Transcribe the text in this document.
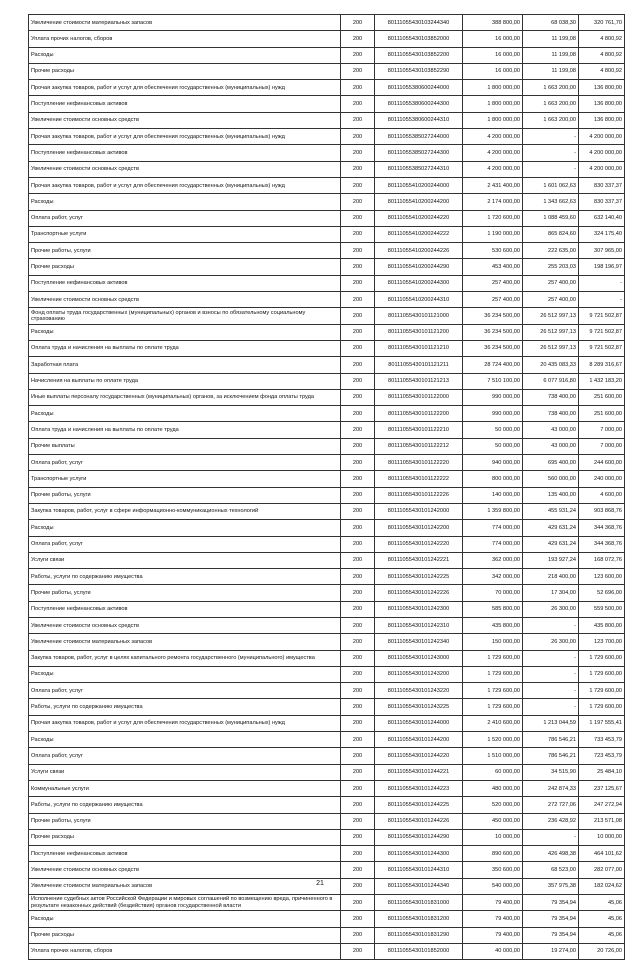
Увеличение стоимости материальных запасов	200	80111055430103244340	388 800,00	68 038,30	320 761,70
Уплата прочих налогов, сборов	200	80111055430103852000	16 000,00	11 199,08	4 800,92
Расходы	200	80111055430103852200	16 000,00	11 199,08	4 800,92
Прочие расходы	200	80111055430103852290	16 000,00	11 199,08	4 800,92
Прочая закупка товаров, работ и услуг для обеспечения государственных (муниципальных) нужд	200	80111055380600244000	1 800 000,00	1 663 200,00	136 800,00
Поступление нефинансовых активов	200	80111055380600244300	1 800 000,00	1 663 200,00	136 800,00
Увеличение стоимости основных средств	200	80111055380600244310	1 800 000,00	1 663 200,00	136 800,00
Прочая закупка товаров, работ и услуг для обеспечения государственных (муниципальных) нужд	200	80111055385027244000	4 200 000,00	-	4 200 000,00
Поступление нефинансовых активов	200	80111055385027244300	4 200 000,00	-	4 200 000,00
Увеличение стоимости основных средств	200	80111055385027244310	4 200 000,00	-	4 200 000,00
Прочая закупка товаров, работ и услуг для обеспечения государственных (муниципальных) нужд	200	80111055410200244000	2 431 400,00	1 601 062,63	830 337,37
Расходы	200	80111055410200244200	2 174 000,00	1 343 662,63	830 337,37
Оплата работ, услуг	200	80111055410200244220	1 720 600,00	1 088 459,60	632 140,40
Транспортные услуги	200	80111055410200244222	1 190 000,00	865 824,60	324 175,40
Прочие работы, услуги	200	80111055410200244226	530 600,00	222 635,00	307 965,00
Прочие расходы	200	80111055410200244290	453 400,00	255 203,03	198 196,97
Поступление нефинансовых активов	200	80111055410200244300	257 400,00	257 400,00	-
Увеличение стоимости основных средств	200	80111055410200244310	257 400,00	257 400,00	-
Фонд оплаты труда государственных (муниципальных) органов и взносы по обязательному социальному страхованию	200	80111055430101121000	36 234 500,00	26 512 997,13	9 721 502,87
Расходы	200	80111055430101121200	36 234 500,00	26 512 997,13	9 721 502,87
Оплата труда и начисления на выплаты по оплате труда	200	80111055430101121210	36 234 500,00	26 512 997,13	9 721 502,87
Заработная плата	200	80111055430101121211	28 724 400,00	20 435 083,33	8 289 316,67
Начисления на выплаты по оплате труда	200	80111055430101121213	7 510 100,00	6 077 916,80	1 432 183,20
Иные выплаты персоналу государственных (муниципальных) органов, за исключением фонда оплаты труда	200	80111055430101122000	990 000,00	738 400,00	251 600,00
Расходы	200	80111055430101122200	990 000,00	738 400,00	251 600,00
Оплата труда и начисления на выплаты по оплате труда	200	80111055430101122210	50 000,00	43 000,00	7 000,00
Прочие выплаты	200	80111055430101122212	50 000,00	43 000,00	7 000,00
Оплата работ, услуг	200	80111055430101122220	940 000,00	695 400,00	244 600,00
Транспортные услуги	200	80111055430101122222	800 000,00	560 000,00	240 000,00
Прочие работы, услуги	200	80111055430101122226	140 000,00	135 400,00	4 600,00
Закупка товаров, работ, услуг в сфере информационно-коммуникационных технологий	200	80111055430101242000	1 359 800,00	455 931,24	903 868,76
Расходы	200	80111055430101242200	774 000,00	429 631,24	344 368,76
Оплата работ, услуг	200	80111055430101242220	774 000,00	429 631,24	344 368,76
Услуги связи	200	80111055430101242221	362 000,00	193 927,24	168 072,76
Работы, услуги по содержанию имущества	200	80111055430101242225	342 000,00	218 400,00	123 600,00
Прочие работы, услуги	200	80111055430101242226	70 000,00	17 304,00	52 696,00
Поступление нефинансовых активов	200	80111055430101242300	585 800,00	26 300,00	559 500,00
Увеличение стоимости основных средств	200	80111055430101242310	435 800,00	-	435 800,00
Увеличение стоимости материальных запасов	200	80111055430101242340	150 000,00	26 300,00	123 700,00
Закупка товаров, работ, услуг в целях капитального ремонта государственного (муниципального) имущества	200	80111055430101243000	1 729 600,00	-	1 729 600,00
Расходы	200	80111055430101243200	1 729 600,00	-	1 729 600,00
Оплата работ, услуг	200	80111055430101243220	1 729 600,00	-	1 729 600,00
Работы, услуги по содержанию имущества	200	80111055430101243225	1 729 600,00	-	1 729 600,00
Прочая закупка товаров, работ и услуг для обеспечения государственных (муниципальных) нужд	200	80111055430101244000	2 410 600,00	1 213 044,59	1 197 555,41
Расходы	200	80111055430101244200	1 520 000,00	786 546,21	733 453,79
Оплата работ, услуг	200	80111055430101244220	1 510 000,00	786 546,21	723 453,79
Услуги связи	200	80111055430101244221	60 000,00	34 515,90	25 484,10
Коммунальные услуги	200	80111055430101244223	480 000,00	242 874,33	237 125,67
Работы, услуги по содержанию имущества	200	80111055430101244225	520 000,00	272 727,06	247 272,94
Прочие работы, услуги	200	80111055430101244226	450 000,00	236 428,92	213 571,08
Прочие расходы	200	80111055430101244290	10 000,00	-	10 000,00
Поступление нефинансовых активов	200	80111055430101244300	890 600,00	426 498,38	464 101,62
Увеличение стоимости основных средств	200	80111055430101244310	350 600,00	68 523,00	282 077,00
Увеличение стоимости материальных запасов	200	80111055430101244340	540 000,00	357 975,38	182 024,62
Исполнение судебных актов Российской Федерации и мировых соглашений по возмещению вреда, причиненного в результате незаконных действий (бездействия) органов государственной власти	200	80111055430101831000	79 400,00	79 354,94	45,06
Расходы	200	80111055430101831200	79 400,00	79 354,94	45,06
Прочие расходы	200	80111055430101831290	79 400,00	79 354,94	45,06
Уплата прочих налогов, сборов	200	80111055430101852000	40 000,00	19 274,00	20 726,00
21
